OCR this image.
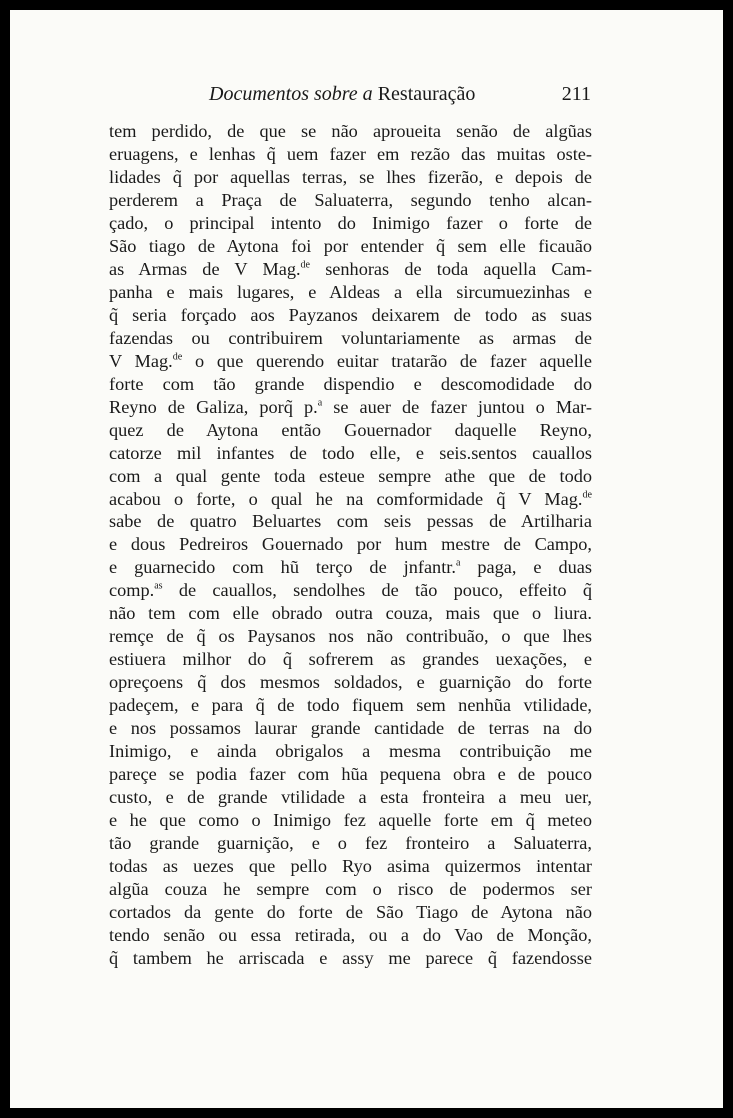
Documentos sobre a Restauração	211
tem perdido, de que se não aproueita senão de algũas
eruagens, e lenhas q̃ uem fazer em rezão das muitas oste-
lidades q̃ por aquellas terras, se lhes fizerão, e depois de
perderem a Praça de Saluaterra, segundo tenho alcan-
çado, o principal intento do Inimigo fazer o forte de
São tiago de Aytona foi por entender q̃ sem elle ficauão
as Armas de V Mag.$^{de}$ senhoras de toda aquella Cam-
panha e mais lugares, e Aldeas a ella sircumuezinhas e
q̃ seria forçado aos Payzanos deixarem de todo as suas
fazendas ou contribuirem voluntariamente as armas de
V Mag.$^{de}$ o que querendo euitar tratarão de fazer aquelle
forte com tão grande dispendio e descomodidade do
Reyno de Galiza, porq̃ p.$^a$ se auer de fazer juntou o Mar-
quez de Aytona então Gouernador daquelle Reyno,
catorze mil infantes de todo elle, e seis.sentos cauallos
com a qual gente toda esteue sempre athe que de todo
acabou o forte, o qual he na comformidade q̃ V Mag.$^{de}$
sabe de quatro Beluartes com seis pessas de Artilharia
e dous Pedreiros Gouernado por hum mestre de Campo,
e guarnecido com hũ terço de jnfantr.$^a$ paga, e duas
comp.$^{as}$ de cauallos, sendolhes de tão pouco, effeito q̃
não tem com elle obrado outra couza, mais que o liura.
remçe de q̃ os Paysanos nos não contribuão, o que lhes
estiuera milhor do q̃ sofrerem as grandes uexações, e
opreçoens q̃ dos mesmos soldados, e guarnição do forte
padeçem, e para q̃ de todo fiquem sem nenhũa vtilidade,
e nos possamos laurar grande cantidade de terras na do
Inimigo, e ainda obrigalos a mesma contribuição me
pareçe se podia fazer com hũa pequena obra e de pouco
custo, e de grande vtilidade a esta fronteira a meu uer,
e he que como o Inimigo fez aquelle forte em q̃ meteo
tão grande guarnição, e o fez fronteiro a Saluaterra,
todas as uezes que pello Ryo asima quizermos intentar
algũa couza he sempre com o risco de podermos ser
cortados da gente do forte de São Tiago de Aytona não
tendo senão ou essa retirada, ou a do Vao de Monção,
q̃ tambem he arriscada e assy me parece q̃ fazendosse
